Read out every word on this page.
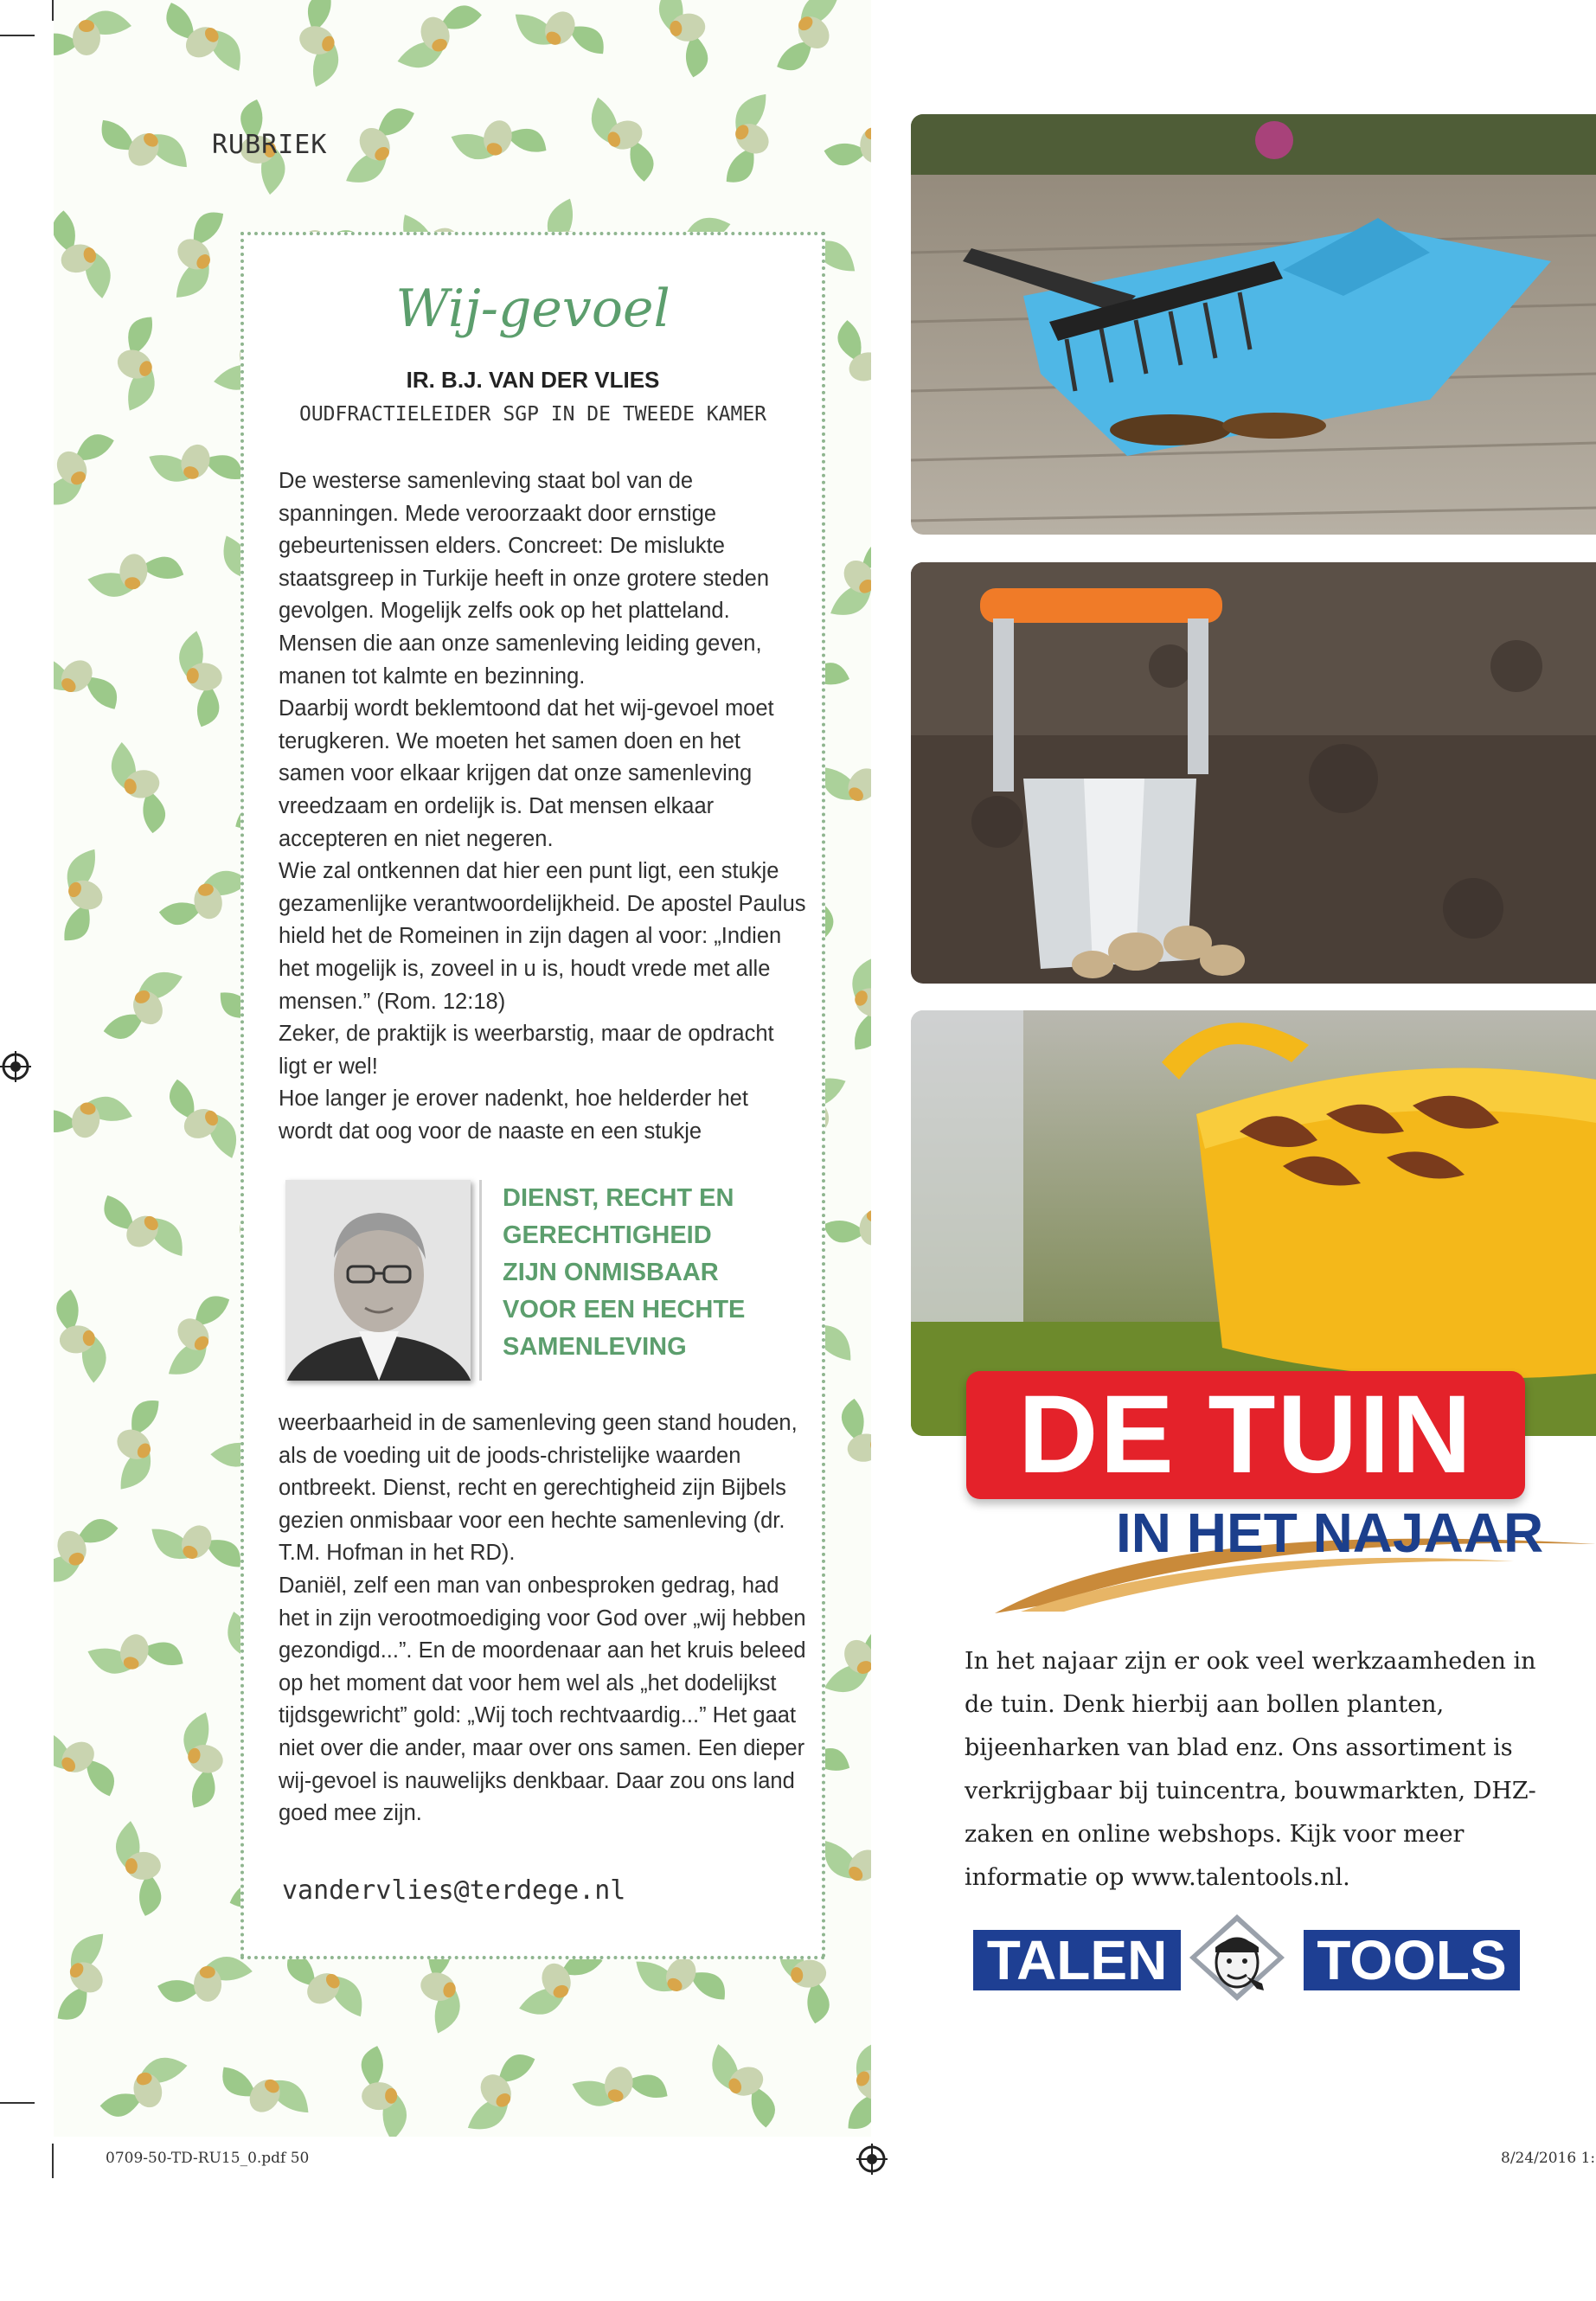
RUBRIEK
Wij-gevoel
IR. B.J. VAN DER VLIES
OUDFRACTIELEIDER SGP IN DE TWEEDE KAMER

De westerse samenleving staat bol van de spanningen. Mede veroorzaakt door ernstige gebeurtenissen elders. Concreet: De mislukte staatsgreep in Turkije heeft in onze grotere steden gevolgen. Mogelijk zelfs ook op het platteland. Mensen die aan onze samenleving leiding geven, manen tot kalmte en bezinning.

Daarbij wordt beklemtoond dat het wij-gevoel moet terugkeren. We moeten het samen doen en het samen voor elkaar krijgen dat onze samenleving vreedzaam en ordelijk is. Dat mensen elkaar accepteren en niet negeren.

Wie zal ontkennen dat hier een punt ligt, een stukje gezamenlijke verantwoordelijkheid. De apostel Paulus hield het de Romeinen in zijn dagen al voor: „Indien het mogelijk is, zoveel in u is, houdt vrede met alle mensen.” (Rom. 12:18)

Zeker, de praktijk is weerbarstig, maar de opdracht ligt er wel!

Hoe langer je erover nadenkt, hoe helderder het wordt dat oog voor de naaste en een stukje

DIENST, RECHT EN
GERECHTIGHEID
ZIJN ONMISBAAR
VOOR EEN HECHTE
SAMENLEVING

weerbaarheid in de samenleving geen stand houden, als de voeding uit de joods-christelijke waarden ontbreekt. Dienst, recht en gerechtigheid zijn Bijbels gezien onmisbaar voor een hechte samenleving (dr. T.M. Hofman in het RD).

Daniël, zelf een man van onbesproken gedrag, had het in zijn verootmoediging voor God over „wij hebben gezondigd...”. En de moordenaar aan het kruis beleed op het moment dat voor hem wel als „het dodelijkst tijdsgewricht” gold: „Wij toch rechtvaardig...” Het gaat niet over die ander, maar over ons samen. Een dieper wij-gevoel is nauwelijks denkbaar. Daar zou ons land goed mee zijn.

vandervlies@terdege.nl
DE TUIN
IN HET NAJAAR
In het najaar zijn er ook veel werkzaamheden in de tuin. Denk hierbij aan bollen planten, bijeenharken van blad enz. Ons assortiment is verkrijgbaar bij tuincentra, bouwmarkten, DHZ-zaken en online webshops. Kijk voor meer informatie op www.talentools.nl.
TALEN	TOOLS
0709-50-TD-RU15_0.pdf 50	8/24/2016 1:
